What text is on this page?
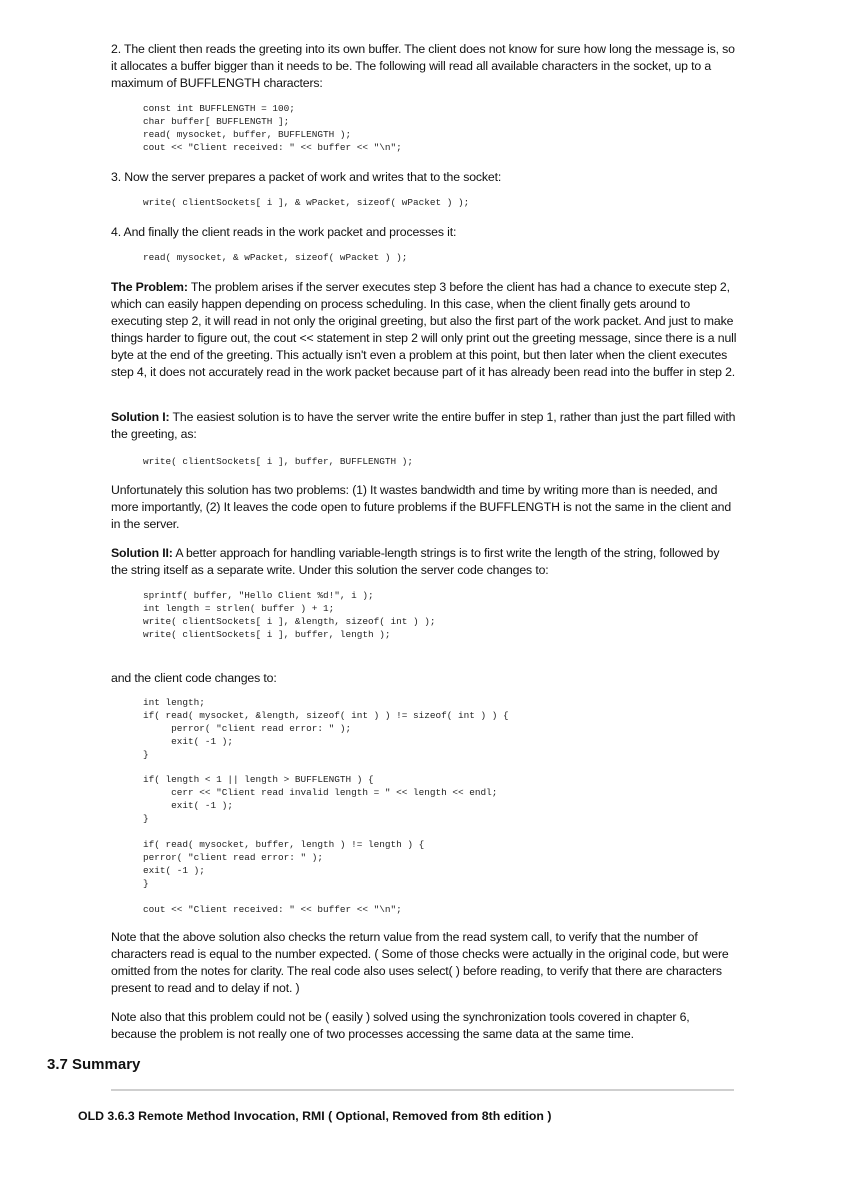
2. The client then reads the greeting into its own buffer. The client does not know for sure how long the message is, so it allocates a buffer bigger than it needs to be. The following will read all available characters in the socket, up to a maximum of BUFFLENGTH characters:

const int BUFFLENGTH = 100;
char buffer[ BUFFLENGTH ];
read( mysocket, buffer, BUFFLENGTH );
cout << "Client received: " << buffer << "\n";

3. Now the server prepares a packet of work and writes that to the socket:

write( clientSockets[ i ], & wPacket, sizeof( wPacket ) );

4. And finally the client reads in the work packet and processes it:

read( mysocket, & wPacket, sizeof( wPacket ) );

The Problem: The problem arises if the server executes step 3 before the client has had a chance to execute step 2, which can easily happen depending on process scheduling. In this case, when the client finally gets around to executing step 2, it will read in not only the original greeting, but also the first part of the work packet. And just to make things harder to figure out, the cout << statement in step 2 will only print out the greeting message, since there is a null byte at the end of the greeting. This actually isn't even a problem at this point, but then later when the client executes step 4, it does not accurately read in the work packet because part of it has already been read into the buffer in step 2.

Solution I: The easiest solution is to have the server write the entire buffer in step 1, rather than just the part filled with the greeting, as:

write( clientSockets[ i ], buffer, BUFFLENGTH );

Unfortunately this solution has two problems: (1) It wastes bandwidth and time by writing more than is needed, and more importantly, (2) It leaves the code open to future problems if the BUFFLENGTH is not the same in the client and in the server.

Solution II: A better approach for handling variable-length strings is to first write the length of the string, followed by the string itself as a separate write. Under this solution the server code changes to:

sprintf( buffer, "Hello Client %d!", i );
int length = strlen( buffer ) + 1;
write( clientSockets[ i ], &length, sizeof( int ) );
write( clientSockets[ i ], buffer, length );

and the client code changes to:

int length;
if( read( mysocket, &length, sizeof( int ) ) != sizeof( int ) ) {
perror( "client read error: " );
exit( -1 );
}

if( length < 1 || length > BUFFLENGTH ) {
cerr << "Client read invalid length = " << length << endl;
exit( -1 );
}

if( read( mysocket, buffer, length ) != length ) {
perror( "client read error: " );
exit( -1 );
}

cout << "Client received: " << buffer << "\n";

Note that the above solution also checks the return value from the read system call, to verify that the number of characters read is equal to the number expected. ( Some of those checks were actually in the original code, but were omitted from the notes for clarity. The real code also uses select( ) before reading, to verify that there are characters present to read and to delay if not. )

Note also that this problem could not be ( easily ) solved using the synchronization tools covered in chapter 6, because the problem is not really one of two processes accessing the same data at the same time.

3.7 Summary
OLD 3.6.3 Remote Method Invocation, RMI ( Optional, Removed from 8th edition )
